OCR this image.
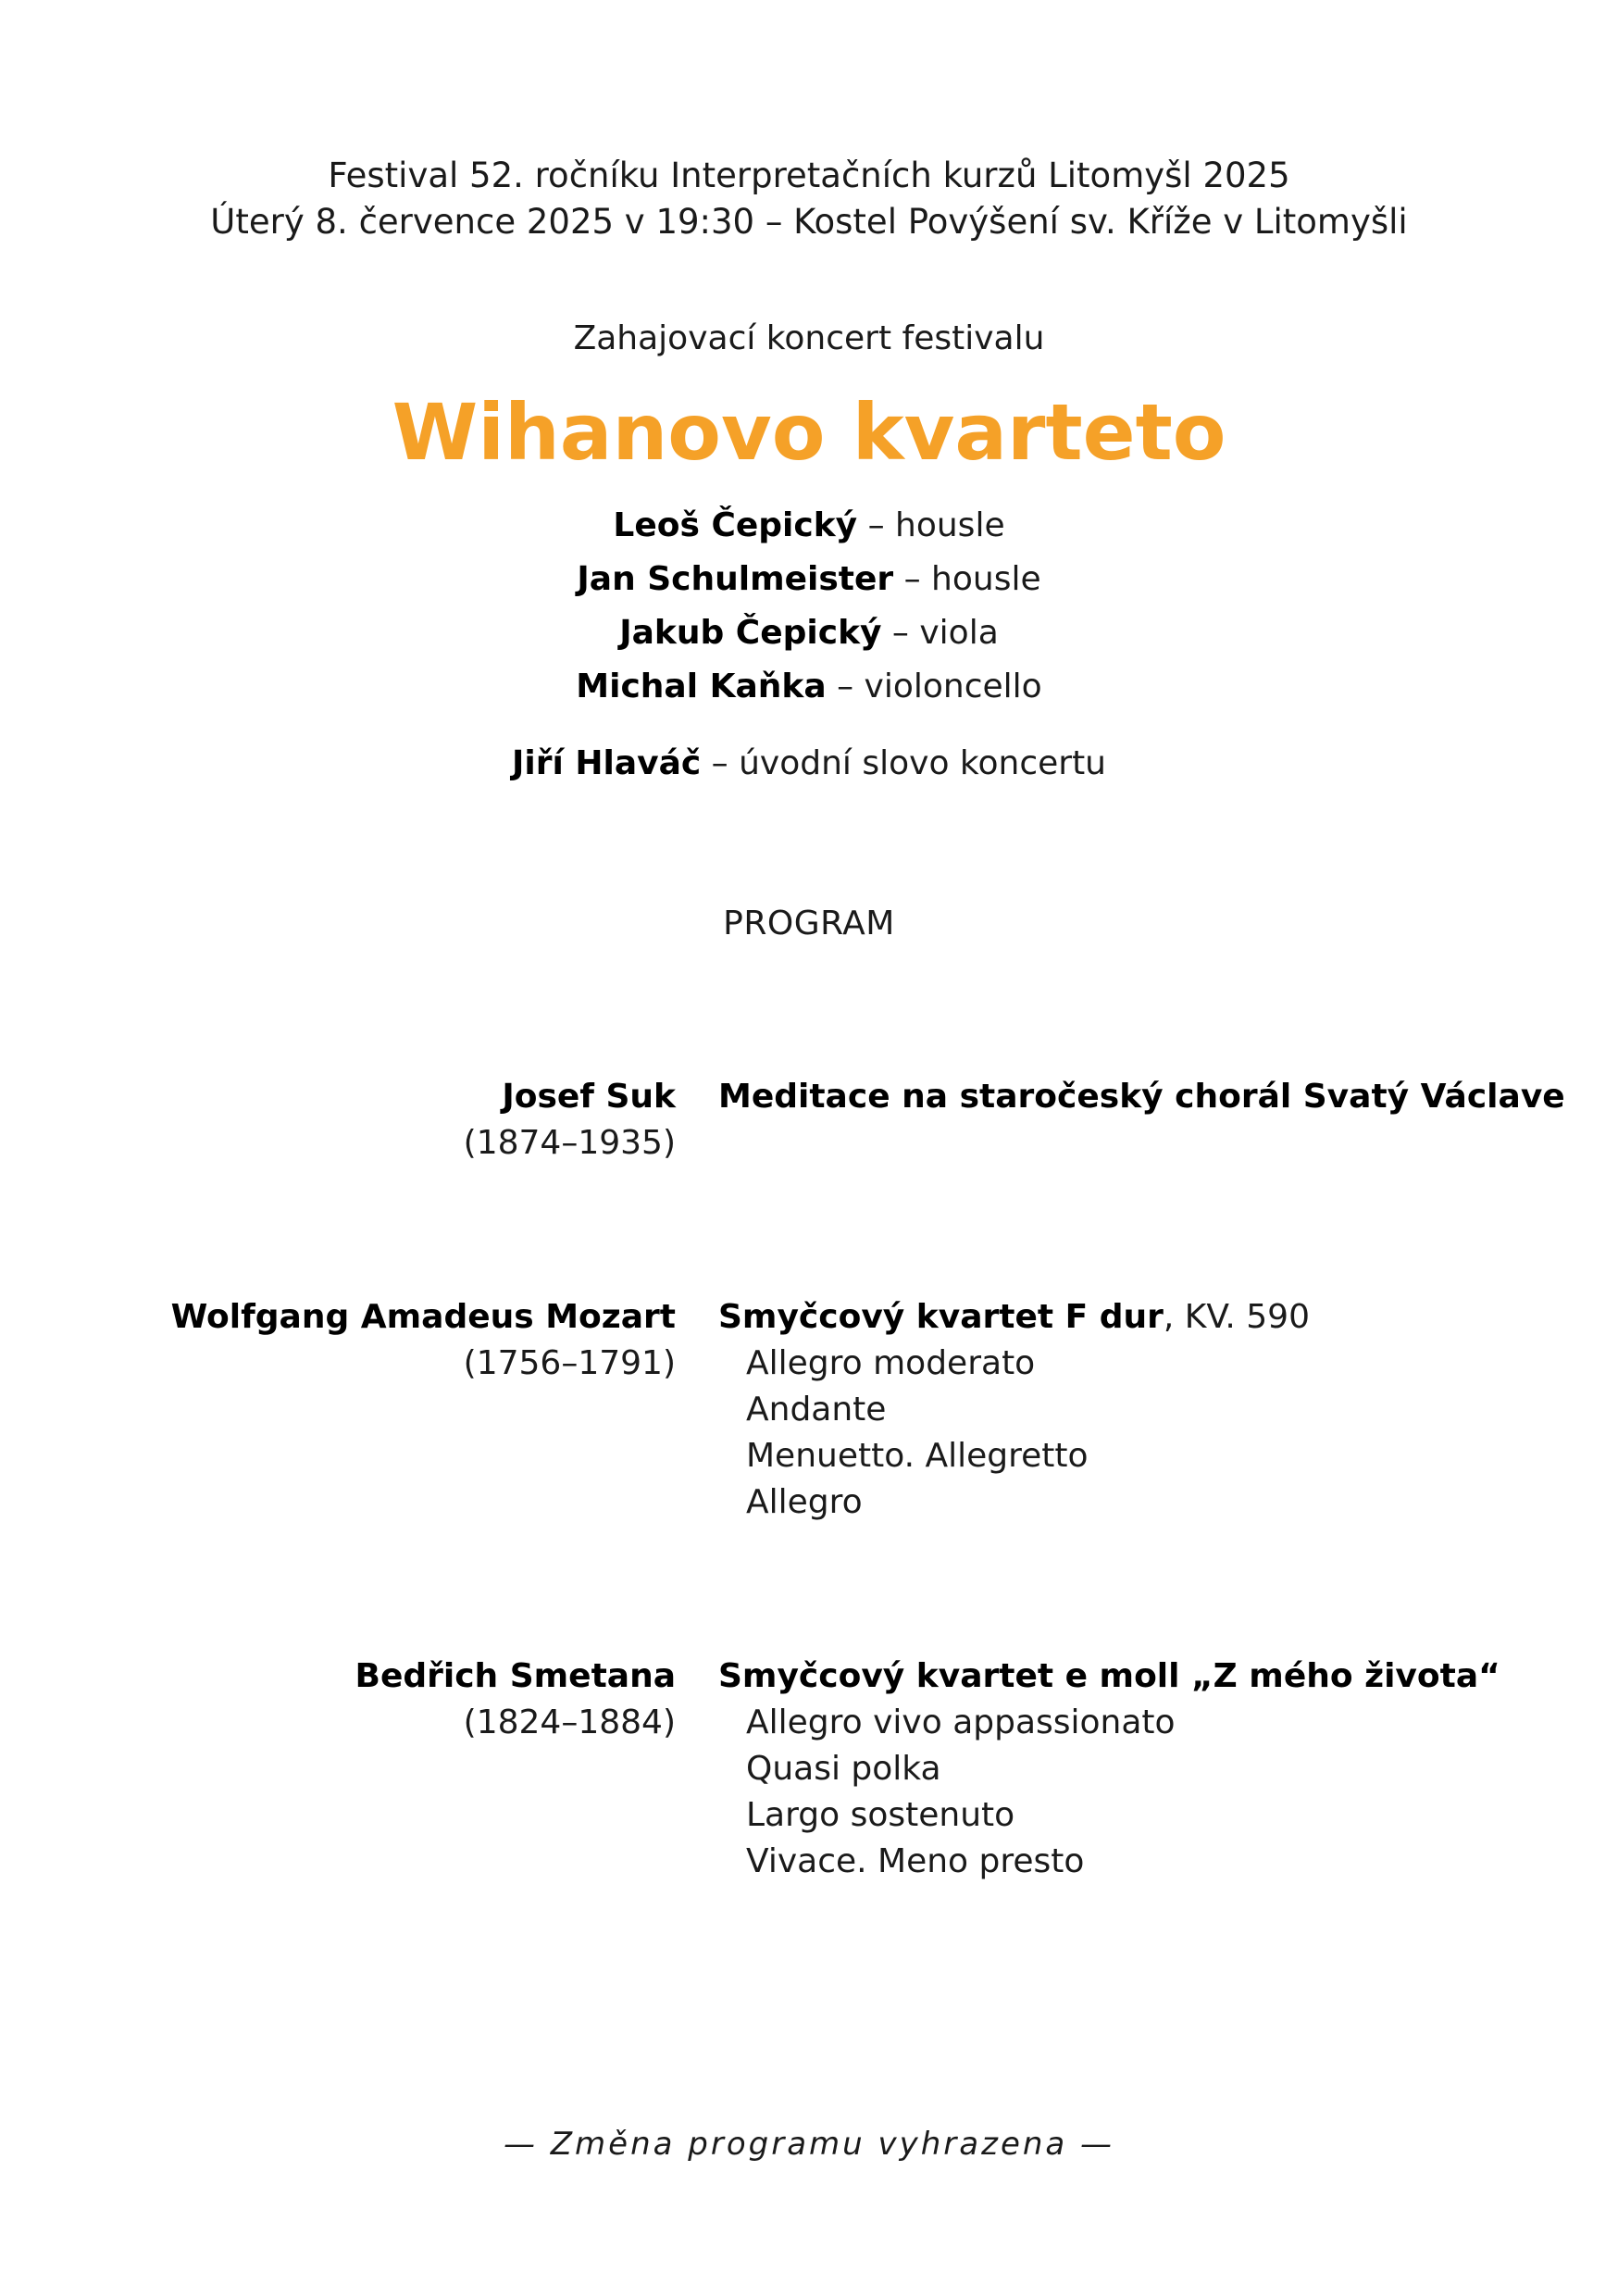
Festival 52. ročníku Interpretačních kurzů Litomyšl 2025
Úterý 8. července 2025 v 19:30 – Kostel Povýšení sv. Kříže v Litomyšli
Zahajovací koncert festivalu
Wihanovo kvarteto
Leoš Čepický – housle
Jan Schulmeister – housle
Jakub Čepický – viola
Michal Kaňka – violoncello
Jiří Hlaváč – úvodní slovo koncertu
PROGRAM
Josef Suk
(1874–1935)
Meditace na staročeský chorál Svatý Václave
Wolfgang Amadeus Mozart
(1756–1791)
Smyčcový kvartet F dur, KV. 590
Allegro moderato
Andante
Menuetto. Allegretto
Allegro
Bedřich Smetana
(1824–1884)
Smyčcový kvartet e moll „Z mého života“
Allegro vivo appassionato
Quasi polka
Largo sostenuto
Vivace. Meno presto
— Změna programu vyhrazena —
